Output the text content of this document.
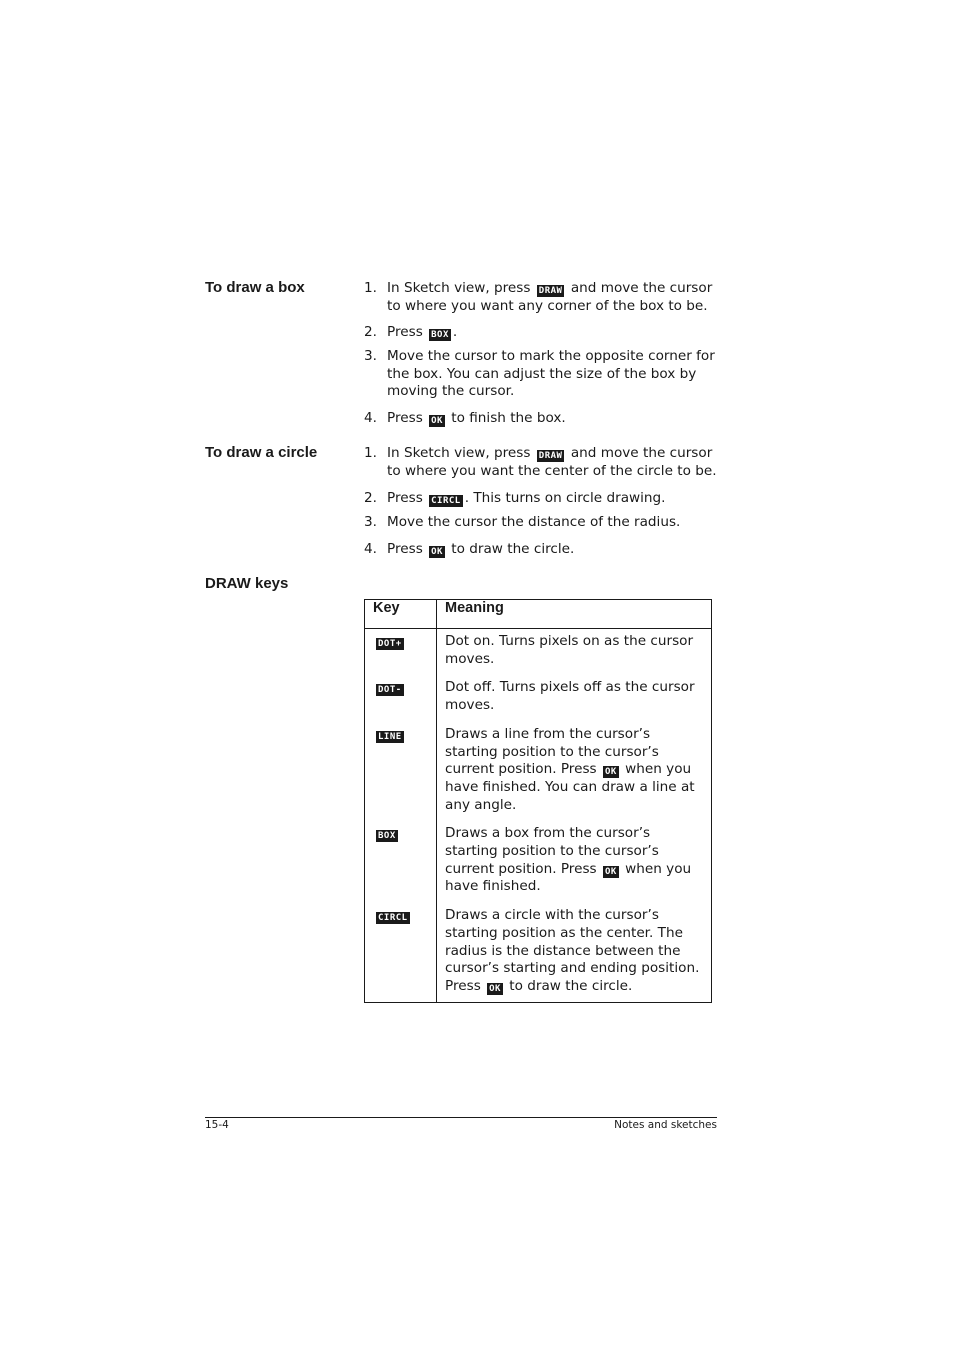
To draw a box	1. In Sketch view, press DRAW and move the cursor to where you want any corner of the box to be.
2. Press BOX .
3. Move the cursor to mark the opposite corner for the box. You can adjust the size of the box by moving the cursor.
4. Press OK to finish the box.
To draw a circle	1. In Sketch view, press DRAW and move the cursor to where you want the center of the circle to be.
2. Press CIRCL . This turns on circle drawing.
3. Move the cursor the distance of the radius.
4. Press OK to draw the circle.
DRAW keys
Key	Meaning
DOT+	Dot on. Turns pixels on as the cursor moves.
DOT-	Dot off. Turns pixels off as the cursor moves.
LINE	Draws a line from the cursor’s starting position to the cursor’s current position. Press OK when you have finished. You can draw a line at any angle.
BOX	Draws a box from the cursor’s starting position to the cursor’s current position. Press OK when you have finished.
CIRCL	Draws a circle with the cursor’s starting position as the center. The radius is the distance between the cursor’s starting and ending position. Press OK to draw the circle.
15-4	Notes and sketches
